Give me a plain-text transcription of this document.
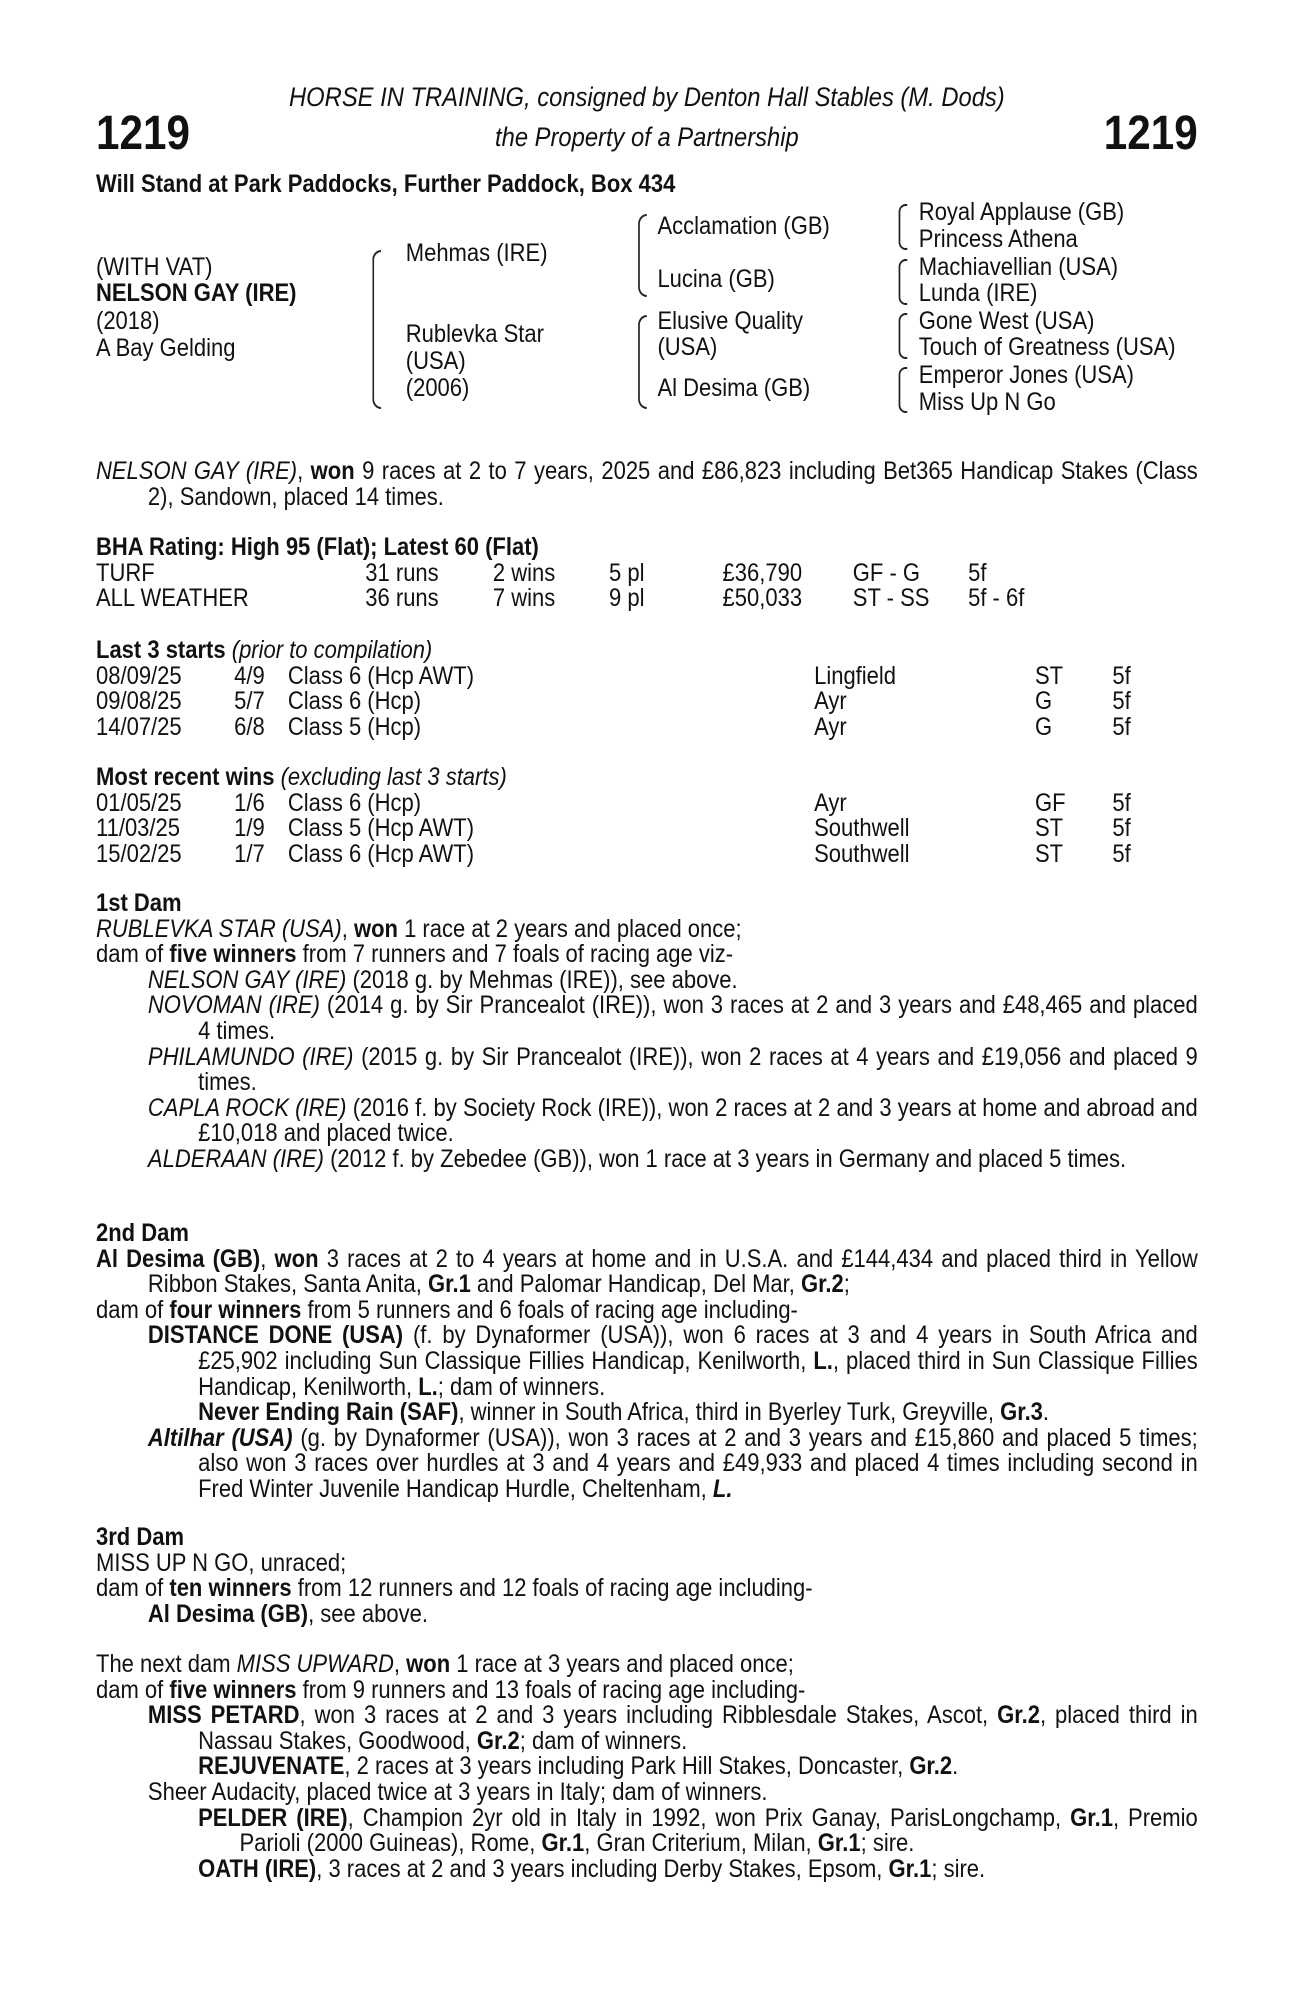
HORSE IN TRAINING, consigned by Denton Hall Stables (M. Dods)
1219	the Property of a Partnership	1219
Will Stand at Park Paddocks, Further Paddock, Box 434
(WITH VAT)
NELSON GAY (IRE)
(2018)
A Bay Gelding
Mehmas (IRE)
Rublevka Star
(USA)
(2006)
Acclamation (GB)
Lucina (GB)
Elusive Quality
(USA)
Al Desima (GB)
Royal Applause (GB)
Princess Athena
Machiavellian (USA)
Lunda (IRE)
Gone West (USA)
Touch of Greatness (USA)
Emperor Jones (USA)
Miss Up N Go

NELSON GAY (IRE), won 9 races at 2 to 7 years, 2025 and £86,823 including Bet365 Handicap Stakes (Class 2), Sandown, placed 14 times.

BHA Rating: High 95 (Flat); Latest 60 (Flat)
TURF	31 runs 2 wins 5 pl	£36,790 GF - G 5f
ALL WEATHER	36 runs 7 wins 9 pl	£50,033 ST - SS 5f - 6f
Last 3 starts (prior to compilation)
08/09/25 4/9 Class 6 (Hcp AWT)	Lingfield	ST 5f
09/08/25 5/7 Class 6 (Hcp)	Ayr	G 5f
14/07/25 6/8 Class 5 (Hcp)	Ayr	G 5f
Most recent wins (excluding last 3 starts)
01/05/25 1/6 Class 6 (Hcp)	Ayr	GF 5f
11/03/25 1/9 Class 5 (Hcp AWT)	Southwell	ST 5f
15/02/25 1/7 Class 6 (Hcp AWT)	Southwell	ST 5f
1st Dam

RUBLEVKA STAR (USA), won 1 race at 2 years and placed once;

dam of five winners from 7 runners and 7 foals of racing age viz-

NELSON GAY (IRE) (2018 g. by Mehmas (IRE)), see above.

NOVOMAN (IRE) (2014 g. by Sir Prancealot (IRE)), won 3 races at 2 and 3 years and £48,465 and placed 4 times.

PHILAMUNDO (IRE) (2015 g. by Sir Prancealot (IRE)), won 2 races at 4 years and £19,056 and placed 9 times.

CAPLA ROCK (IRE) (2016 f. by Society Rock (IRE)), won 2 races at 2 and 3 years at home and abroad and £10,018 and placed twice.

ALDERAAN (IRE) (2012 f. by Zebedee (GB)), won 1 race at 3 years in Germany and placed 5 times.

2nd Dam

Al Desima (GB), won 3 races at 2 to 4 years at home and in U.S.A. and £144,434 and placed third in Yellow Ribbon Stakes, Santa Anita, Gr.1 and Palomar Handicap, Del Mar, Gr.2;

dam of four winners from 5 runners and 6 foals of racing age including-

DISTANCE DONE (USA) (f. by Dynaformer (USA)), won 6 races at 3 and 4 years in South Africa and £25,902 including Sun Classique Fillies Handicap, Kenilworth, L., placed third in Sun Classique Fillies Handicap, Kenilworth, L.; dam of winners.

Never Ending Rain (SAF), winner in South Africa, third in Byerley Turk, Greyville, Gr.3.

Altilhar (USA) (g. by Dynaformer (USA)), won 3 races at 2 and 3 years and £15,860 and placed 5 times; also won 3 races over hurdles at 3 and 4 years and £49,933 and placed 4 times including second in Fred Winter Juvenile Handicap Hurdle, Cheltenham, L.

3rd Dam

MISS UP N GO, unraced;

dam of ten winners from 12 runners and 12 foals of racing age including-

Al Desima (GB), see above.

The next dam MISS UPWARD, won 1 race at 3 years and placed once;

dam of five winners from 9 runners and 13 foals of racing age including-

MISS PETARD, won 3 races at 2 and 3 years including Ribblesdale Stakes, Ascot, Gr.2, placed third in Nassau Stakes, Goodwood, Gr.2; dam of winners.

REJUVENATE, 2 races at 3 years including Park Hill Stakes, Doncaster, Gr.2.

Sheer Audacity, placed twice at 3 years in Italy; dam of winners.

PELDER (IRE), Champion 2yr old in Italy in 1992, won Prix Ganay, ParisLongchamp, Gr.1, Premio Parioli (2000 Guineas), Rome, Gr.1, Gran Criterium, Milan, Gr.1; sire.

OATH (IRE), 3 races at 2 and 3 years including Derby Stakes, Epsom, Gr.1; sire.
